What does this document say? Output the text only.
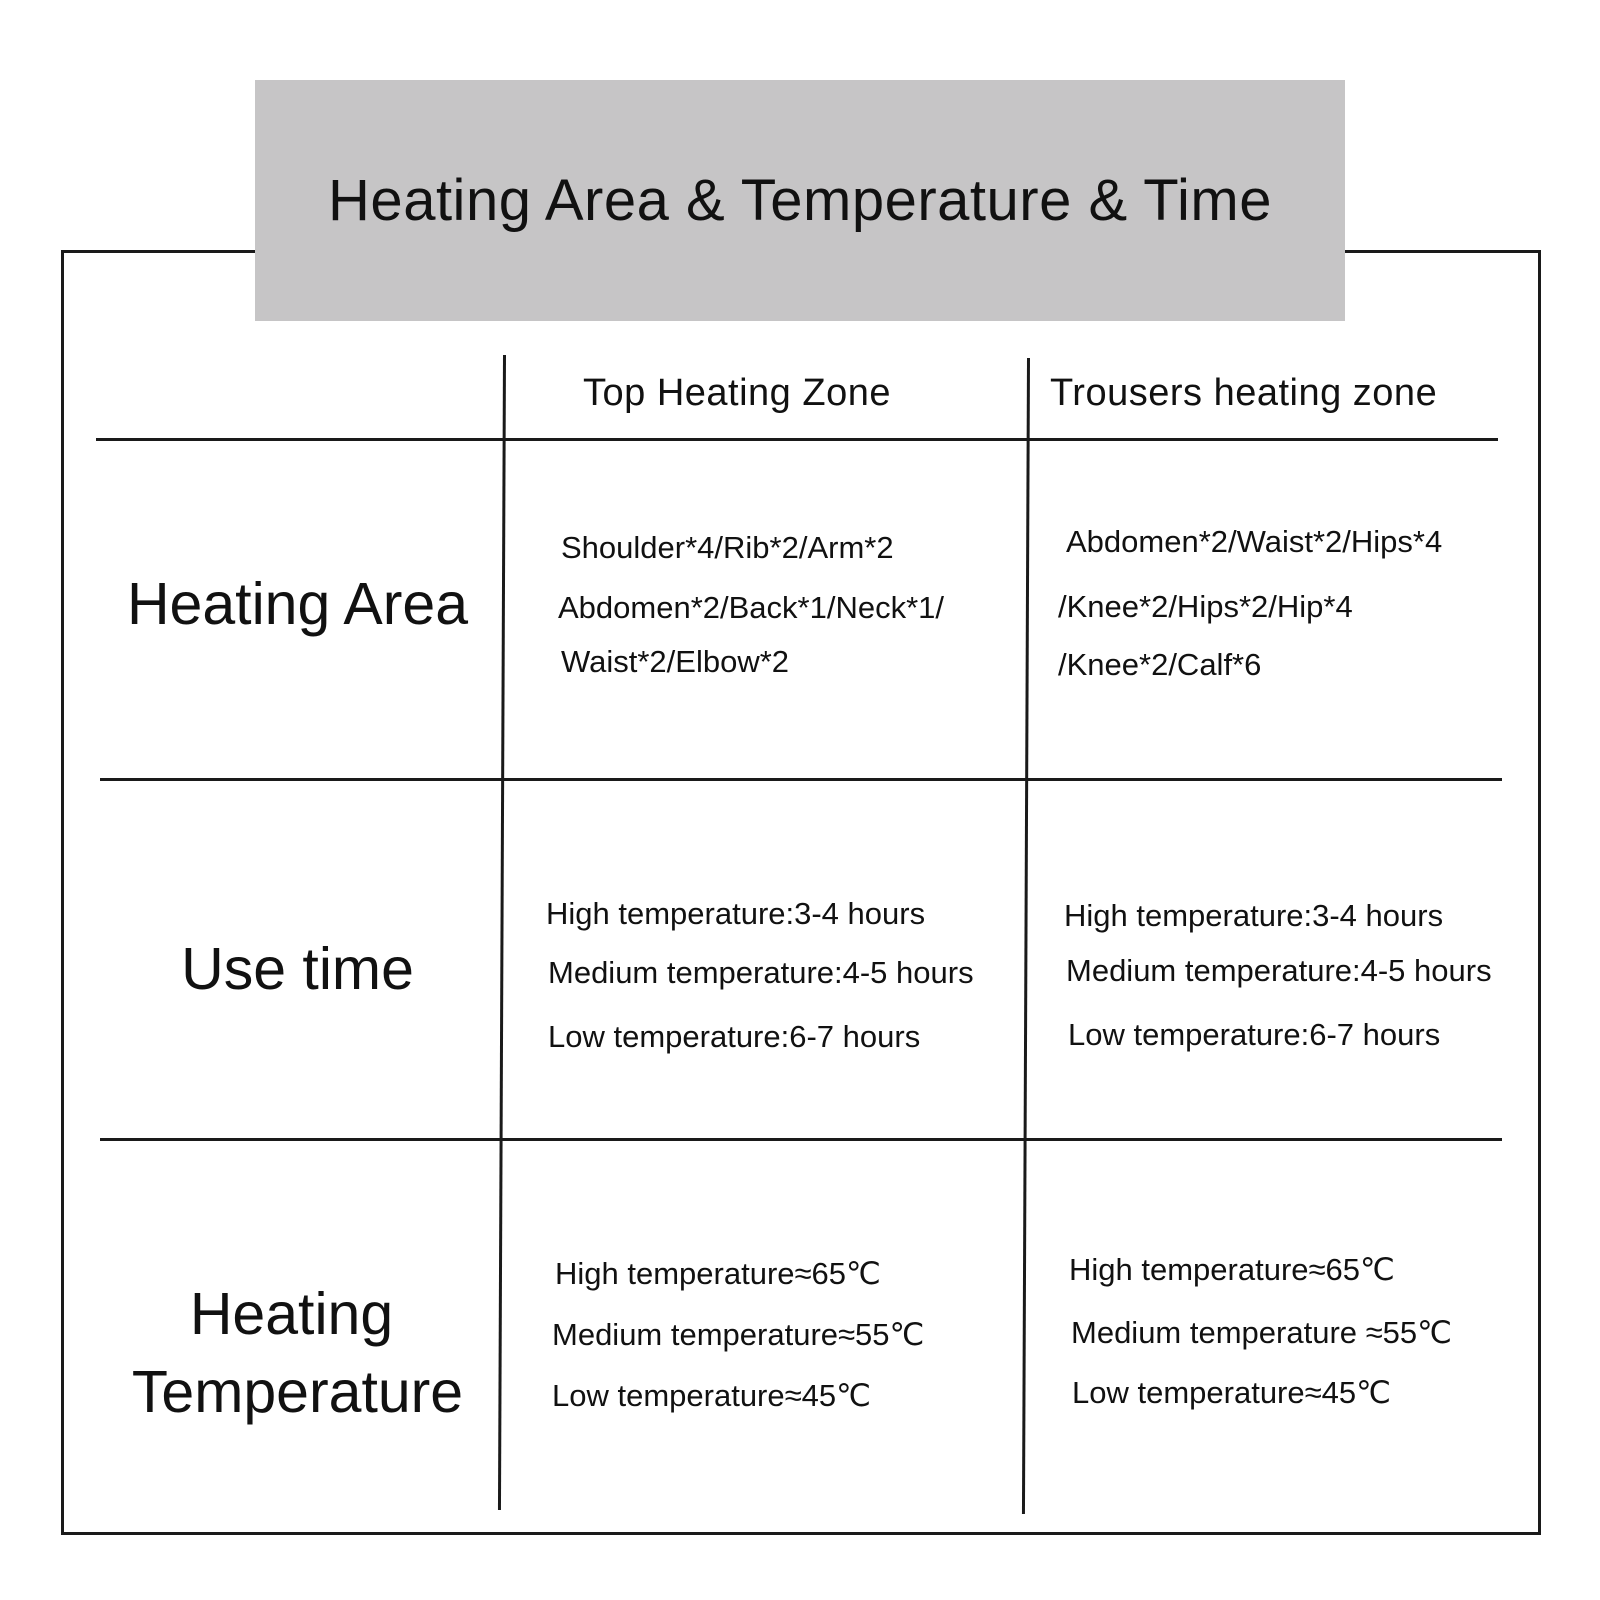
Heating Area & Temperature & Time
Top Heating Zone	Trousers heating zone
Heating Area
Use time
Heating
Temperature
Shoulder*4/Rib*2/Arm*2
Abdomen*2/Back*1/Neck*1/
Waist*2/Elbow*2
Abdomen*2/Waist*2/Hips*4
/Knee*2/Hips*2/Hip*4
/Knee*2/Calf*6
High temperature:3-4 hours
Medium temperature:4-5 hours
Low temperature:6-7 hours
High temperature:3-4 hours
Medium temperature:4-5 hours
Low temperature:6-7 hours
High temperature≈65℃
Medium temperature≈55℃
Low temperature≈45℃
High temperature≈65℃
Medium temperature ≈55℃
Low temperature≈45℃
